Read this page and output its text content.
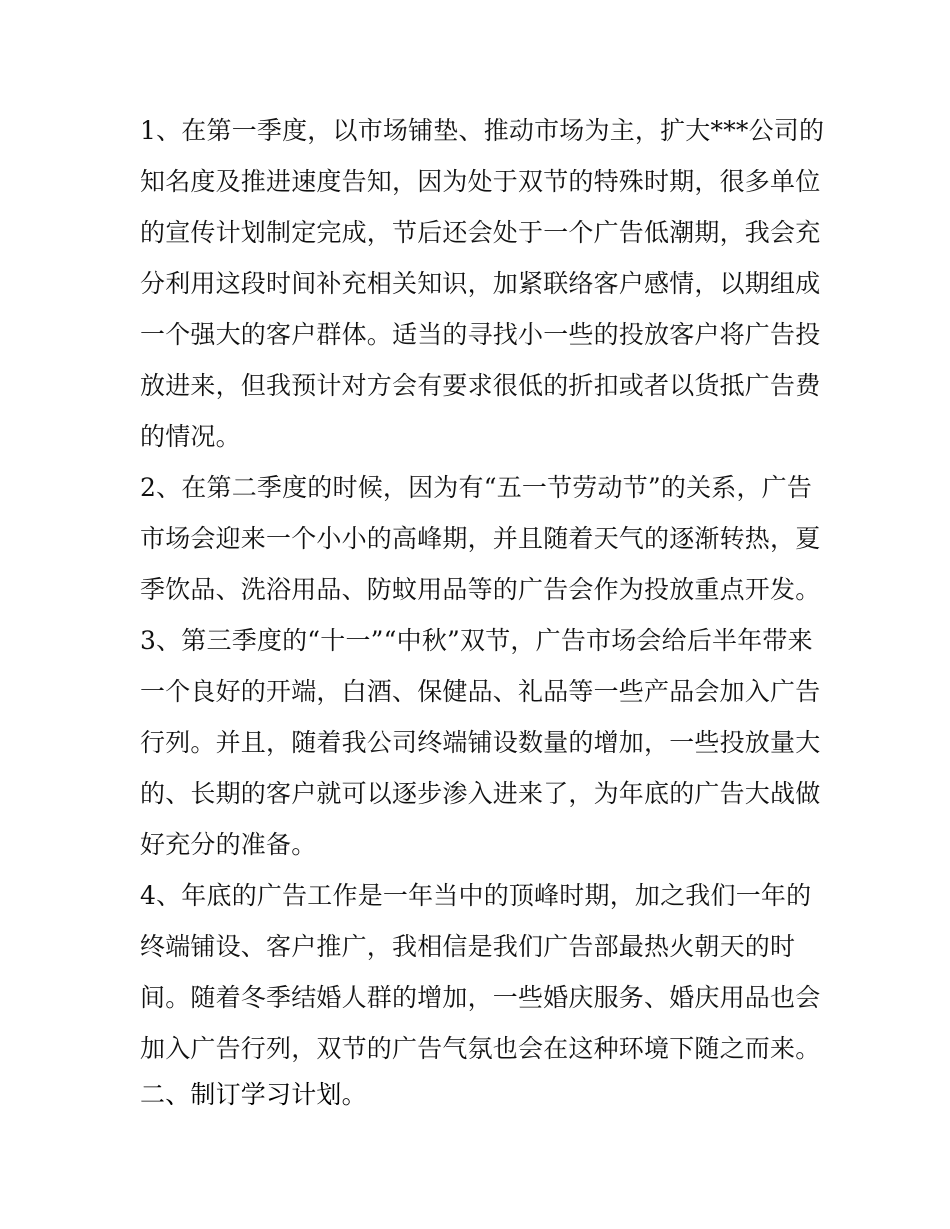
1、在第一季度，以市场铺垫、推动市场为主，扩大***公司的
知名度及推进速度告知，因为处于双节的特殊时期，很多单位
的宣传计划制定完成，节后还会处于一个广告低潮期，我会充
分利用这段时间补充相关知识，加紧联络客户感情，以期组成
一个强大的客户群体。适当的寻找小一些的投放客户将广告投
放进来，但我预计对方会有要求很低的折扣或者以货抵广告费
的情况。
2、在第二季度的时候，因为有“五一节劳动节”的关系，广告
市场会迎来一个小小的高峰期，并且随着天气的逐渐转热，夏
季饮品、洗浴用品、防蚊用品等的广告会作为投放重点开发。
3、第三季度的“十一”“中秋”双节，广告市场会给后半年带来
一个良好的开端，白酒、保健品、礼品等一些产品会加入广告
行列。并且，随着我公司终端铺设数量的增加，一些投放量大
的、长期的客户就可以逐步渗入进来了，为年底的广告大战做
好充分的准备。
4、年底的广告工作是一年当中的顶峰时期，加之我们一年的
终端铺设、客户推广，我相信是我们广告部最热火朝天的时
间。随着冬季结婚人群的增加，一些婚庆服务、婚庆用品也会
加入广告行列，双节的广告气氛也会在这种环境下随之而来。
二、制订学习计划。
